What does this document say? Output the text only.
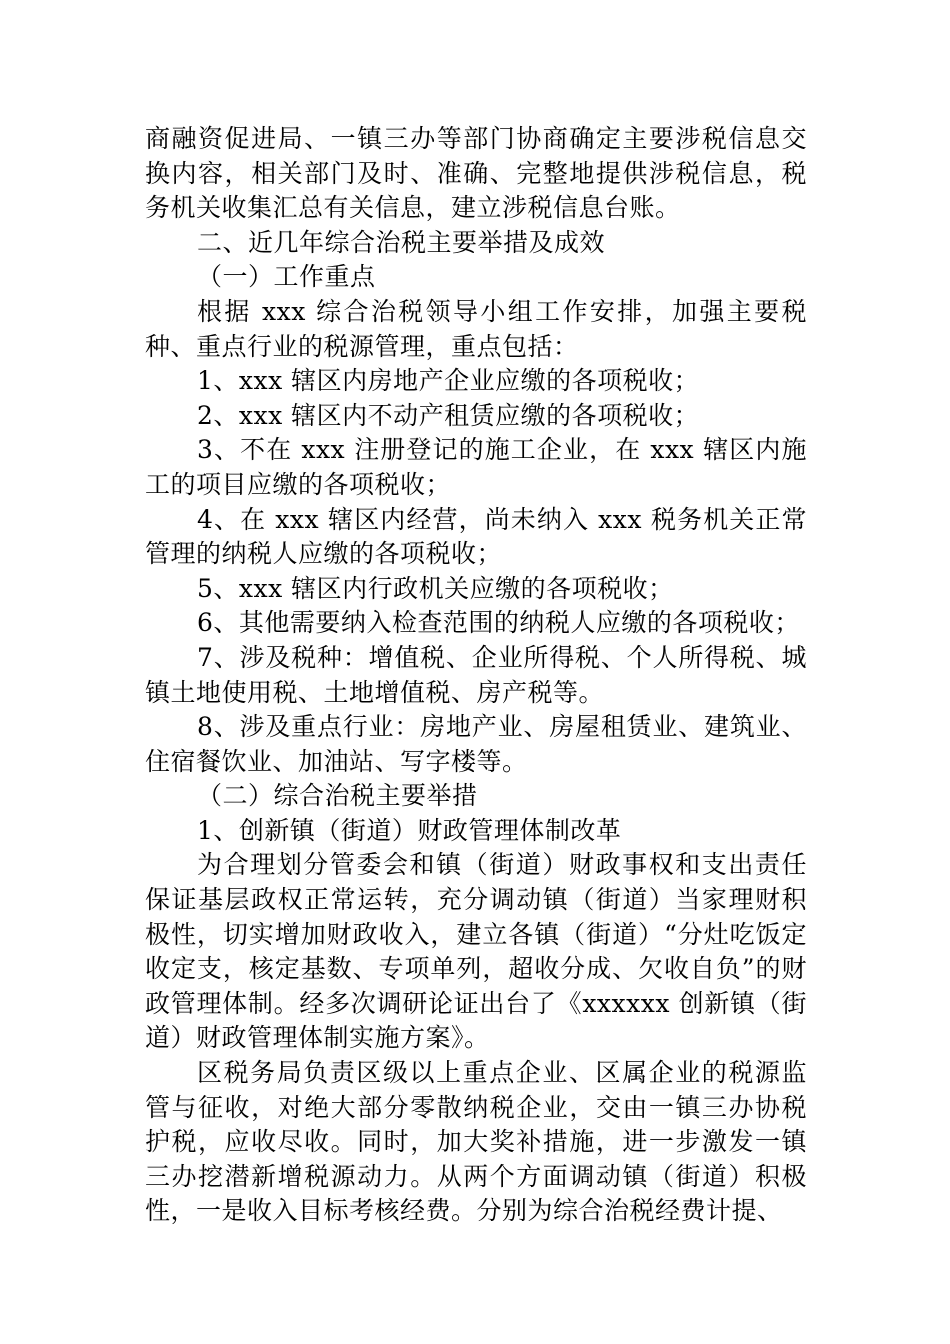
商融资促进局、一镇三办等部门协商确定主要涉税信息交换内容，相关部门及时、准确、完整地提供涉税信息，税务机关收集汇总有关信息，建立涉税信息台账。

二、近几年综合治税主要举措及成效

（一）工作重点

根据 xxx 综合治税领导小组工作安排，加强主要税种、重点行业的税源管理，重点包括：

1、xxx 辖区内房地产企业应缴的各项税收；

2、xxx 辖区内不动产租赁应缴的各项税收；

3、不在 xxx 注册登记的施工企业，在 xxx 辖区内施工的项目应缴的各项税收；

4、在 xxx 辖区内经营，尚未纳入 xxx 税务机关正常管理的纳税人应缴的各项税收；

5、xxx 辖区内行政机关应缴的各项税收；

6、其他需要纳入检查范围的纳税人应缴的各项税收；

7、涉及税种：增值税、企业所得税、个人所得税、城镇土地使用税、土地增值税、房产税等。

8、涉及重点行业：房地产业、房屋租赁业、建筑业、住宿餐饮业、加油站、写字楼等。

（二）综合治税主要举措

1、创新镇（街道）财政管理体制改革

为合理划分管委会和镇（街道）财政事权和支出责任保证基层政权正常运转，充分调动镇（街道）当家理财积极性，切实增加财政收入，建立各镇（街道）“分灶吃饭定收定支，核定基数、专项单列，超收分成、欠收自负”的财政管理体制。经多次调研论证出台了《xxxxxx 创新镇（街道）财政管理体制实施方案》。

区税务局负责区级以上重点企业、区属企业的税源监管与征收，对绝大部分零散纳税企业，交由一镇三办协税护税，应收尽收。同时，加大奖补措施，进一步激发一镇三办挖潜新增税源动力。从两个方面调动镇（街道）积极性，一是收入目标考核经费。分别为综合治税经费计提、
